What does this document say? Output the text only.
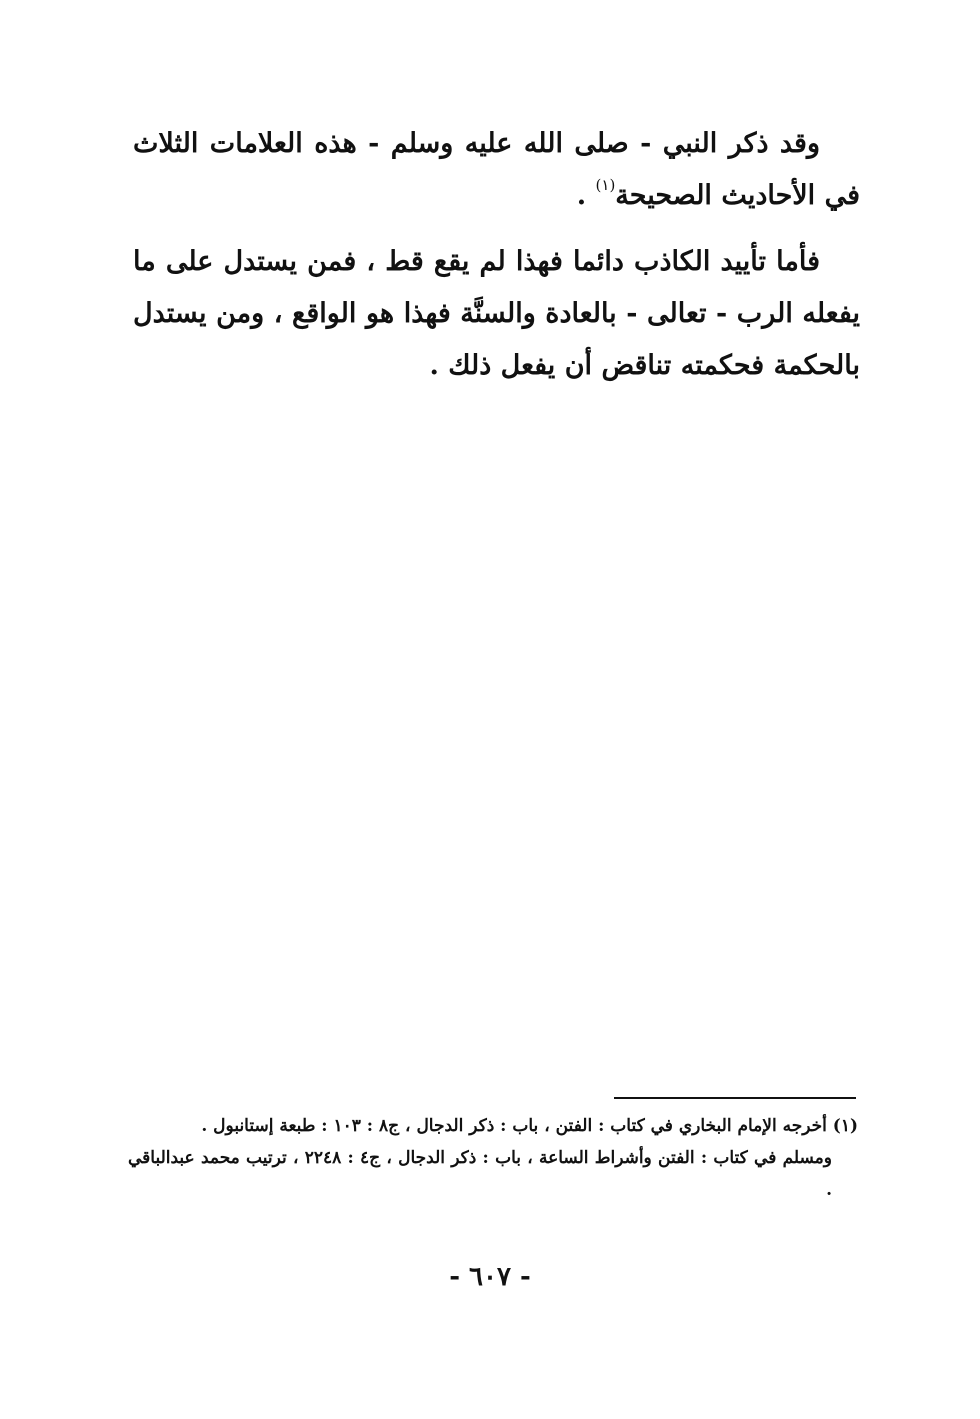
وقد ذكر النبي - صلى الله عليه وسلم - هذه العلامات الثلاث في الأحاديث الصحيحة$^{(١)}$ .

فأما تأييد الكاذب دائما فهذا لم يقع قط ، فمن يستدل على ما يفعله الرب - تعالى - بالعادة والسنَّة فهذا هو الواقع ، ومن يستدل بالحكمة فحكمته تناقض أن يفعل ذلك .

(١) أخرجه الإمام البخاري في كتاب : الفتن ، باب : ذكر الدجال ، ج٨ : ١٠٣ : طبعة إستانبول .
ومسلم في كتاب : الفتن وأشراط الساعة ، باب : ذكر الدجال ، ج٤ : ٢٢٤٨ ، ترتيب محمد عبدالباقي .
- ٦٠٧ -
